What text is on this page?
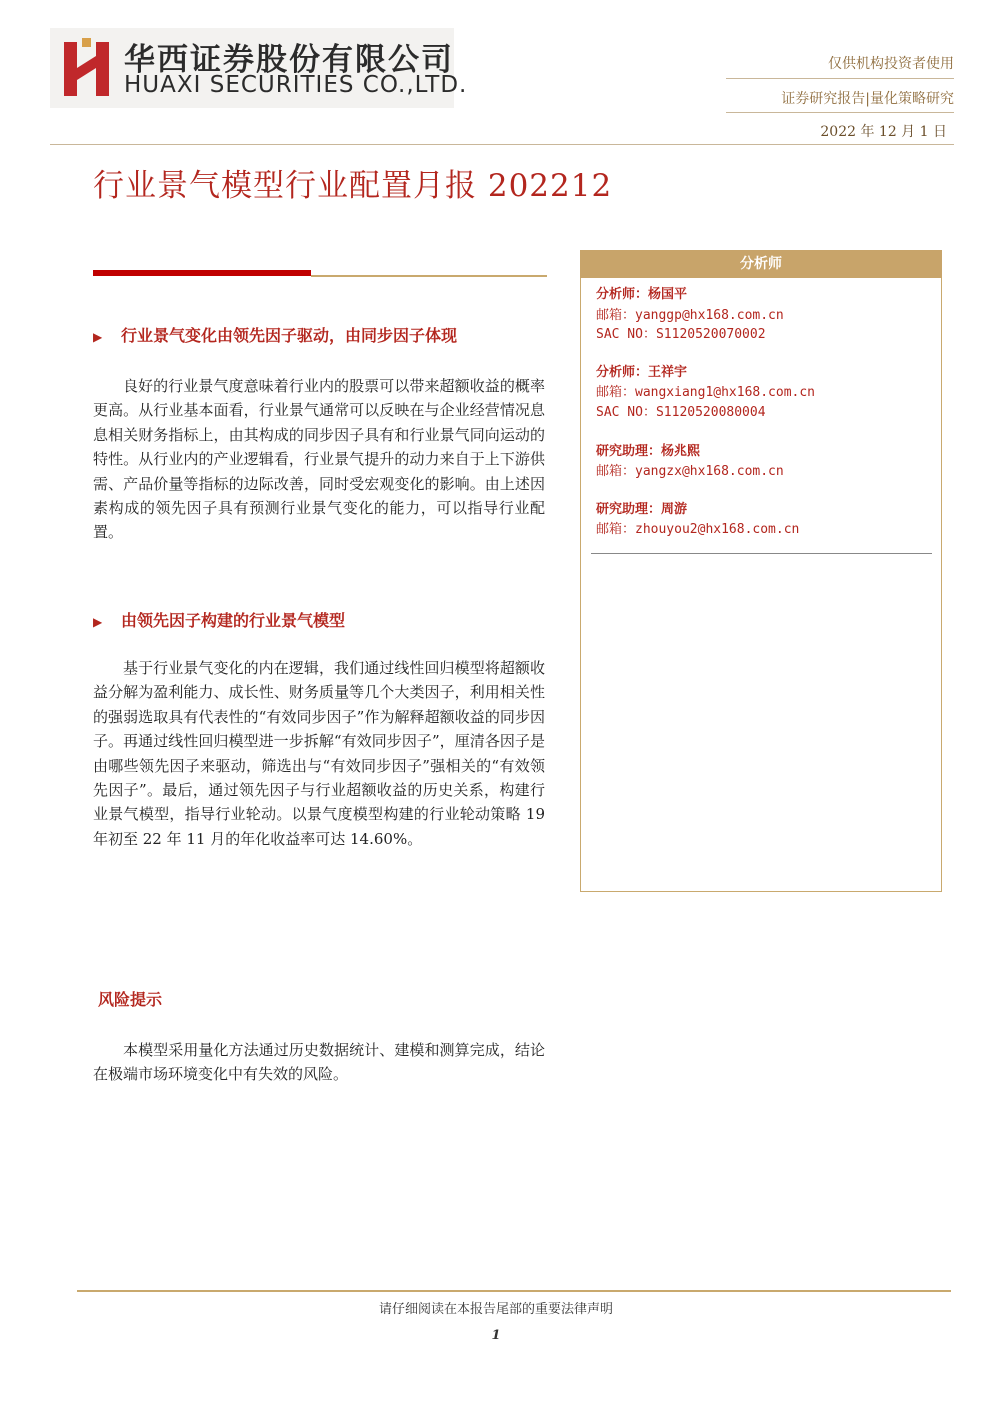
华西证券股份有限公司
HUAXI SECURITIES CO.,LTD.
仅供机构投资者使用
证券研究报告|量化策略研究
2022 年 12 月 1 日
行业景气模型行业配置月报 202212
▶ 行业景气变化由领先因子驱动，由同步因子体现
良好的行业景气度意味着行业内的股票可以带来超额收益的概率更高。从行业基本面看，行业景气通常可以反映在与企业经营情况息息相关财务指标上，由其构成的同步因子具有和行业景气同向运动的特性。从行业内的产业逻辑看，行业景气提升的动力来自于上下游供需、产品价量等指标的边际改善，同时受宏观变化的影响。由上述因素构成的领先因子具有预测行业景气变化的能力，可以指导行业配置。
▶ 由领先因子构建的行业景气模型
基于行业景气变化的内在逻辑，我们通过线性回归模型将超额收益分解为盈利能力、成长性、财务质量等几个大类因子，利用相关性的强弱选取具有代表性的“有效同步因子”作为解释超额收益的同步因子。再通过线性回归模型进一步拆解“有效同步因子”，厘清各因子是由哪些领先因子来驱动，筛选出与“有效同步因子”强相关的“有效领先因子”。最后，通过领先因子与行业超额收益的历史关系，构建行业景气模型，指导行业轮动。以景气度模型构建的行业轮动策略 19 年初至 22 年 11 月的年化收益率可达 14.60%。
风险提示
本模型采用量化方法通过历史数据统计、建模和测算完成，结论在极端市场环境变化中有失效的风险。
分析师
分析师：杨国平
邮箱：yanggp@hx168.com.cn
SAC NO：S1120520070002
分析师：王祥宇
邮箱：wangxiang1@hx168.com.cn
SAC NO：S1120520080004
研究助理：杨兆熙
邮箱：yangzx@hx168.com.cn
研究助理：周游
邮箱：zhouyou2@hx168.com.cn
请仔细阅读在本报告尾部的重要法律声明
1
